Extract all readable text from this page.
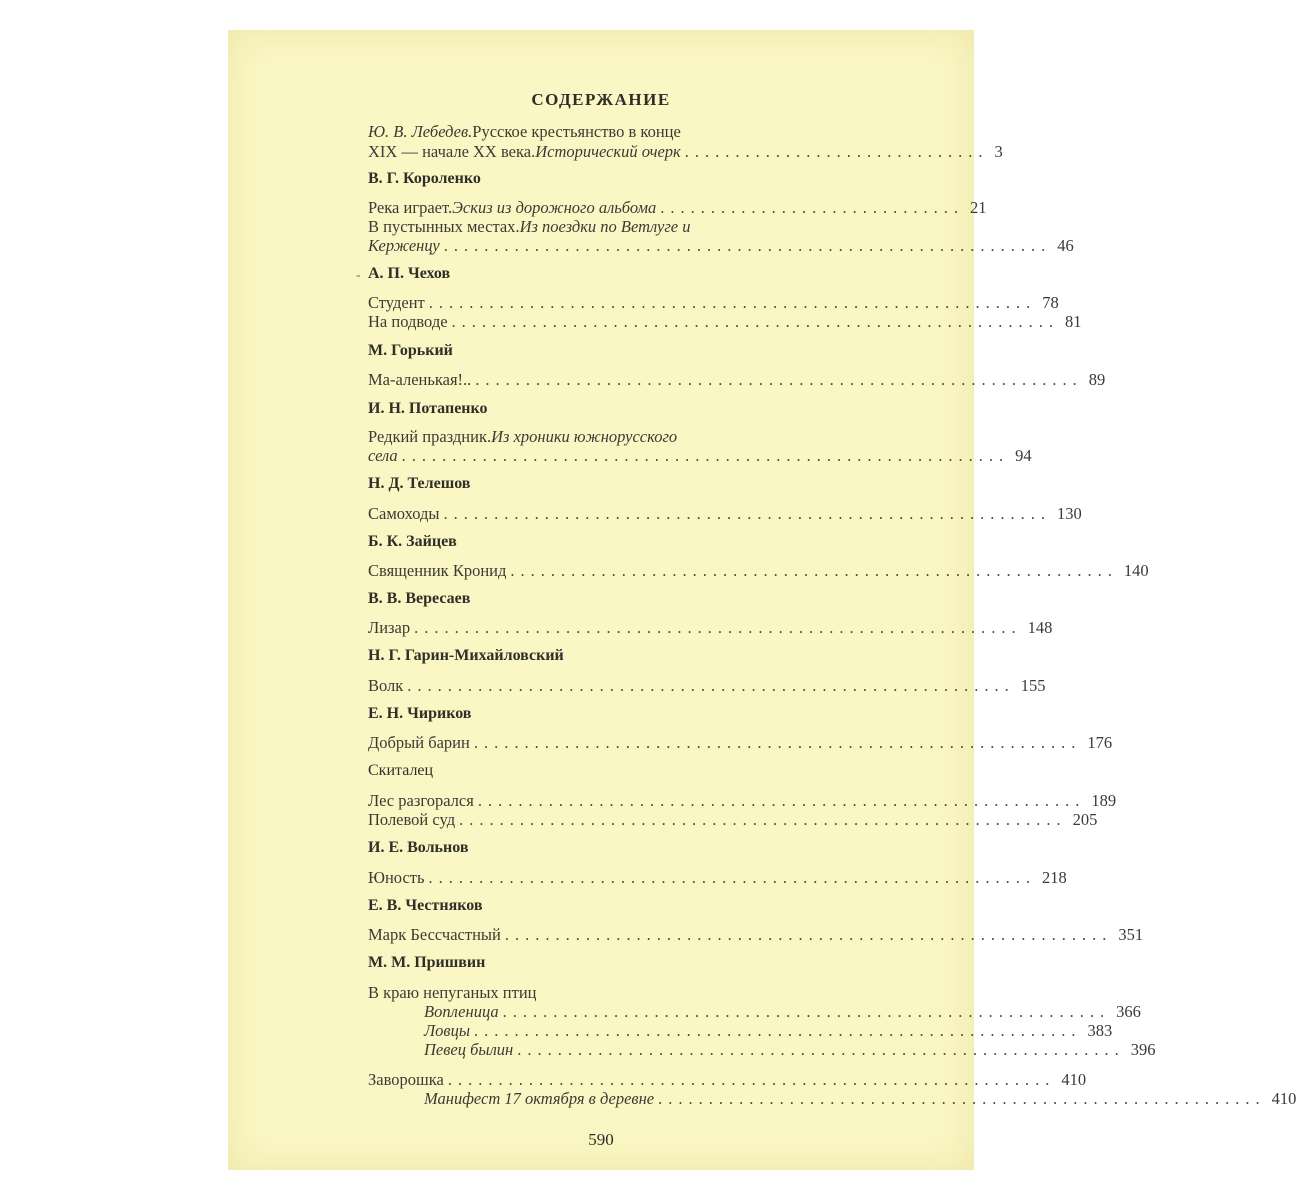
СОДЕРЖАНИЕ
-
Ю. В. Лебедев. Русское крестьянство в конце
XIX — начале XX века. Исторический очерк .............................. 3
В. Г. Короленко
Река играет. Эскиз из дорожного альбома .............................. 21
В пустынных местах. Из поездки по Ветлуге и
Керженцу ............................................................ 46
А. П. Чехов
Студент ............................................................ 78
На подводе ............................................................ 81
М. Горький
Ма-аленькая!.. ............................................................ 89
И. Н. Потапенко
Редкий праздник. Из хроники южнорусского
села ............................................................ 94
Н. Д. Телешов
Самоходы ............................................................ 130
Б. К. Зайцев
Священник Кронид ............................................................ 140
В. В. Вересаев
Лизар ............................................................ 148
Н. Г. Гарин-Михайловский
Волк ............................................................ 155
Е. Н. Чириков
Добрый барин ............................................................ 176
Скиталец
Лес разгорался ............................................................ 189
Полевой суд ............................................................ 205
И. Е. Вольнов
Юность ............................................................ 218
Е. В. Честняков
Марк Бессчастный ............................................................ 351
М. М. Пришвин
В краю непуганых птиц
Вопленица ............................................................ 366
Ловцы ............................................................ 383
Певец былин ............................................................ 396
Заворошка ............................................................ 410
Манифест 17 октября в деревне ............................................................ 410
590
